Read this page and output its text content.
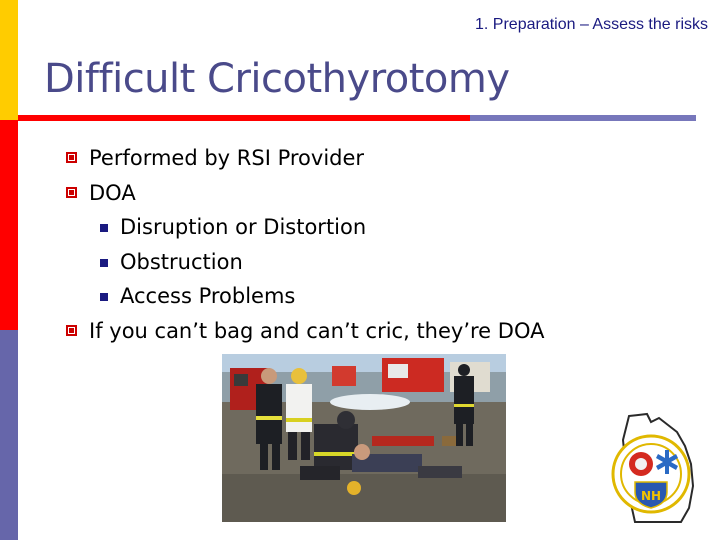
1. Preparation – Assess the risks
Difficult Cricothyrotomy
Performed by RSI Provider
DOA
Disruption or Distortion
Obstruction
Access Problems
If you can’t bag and can’t cric, they’re DOA
NH
